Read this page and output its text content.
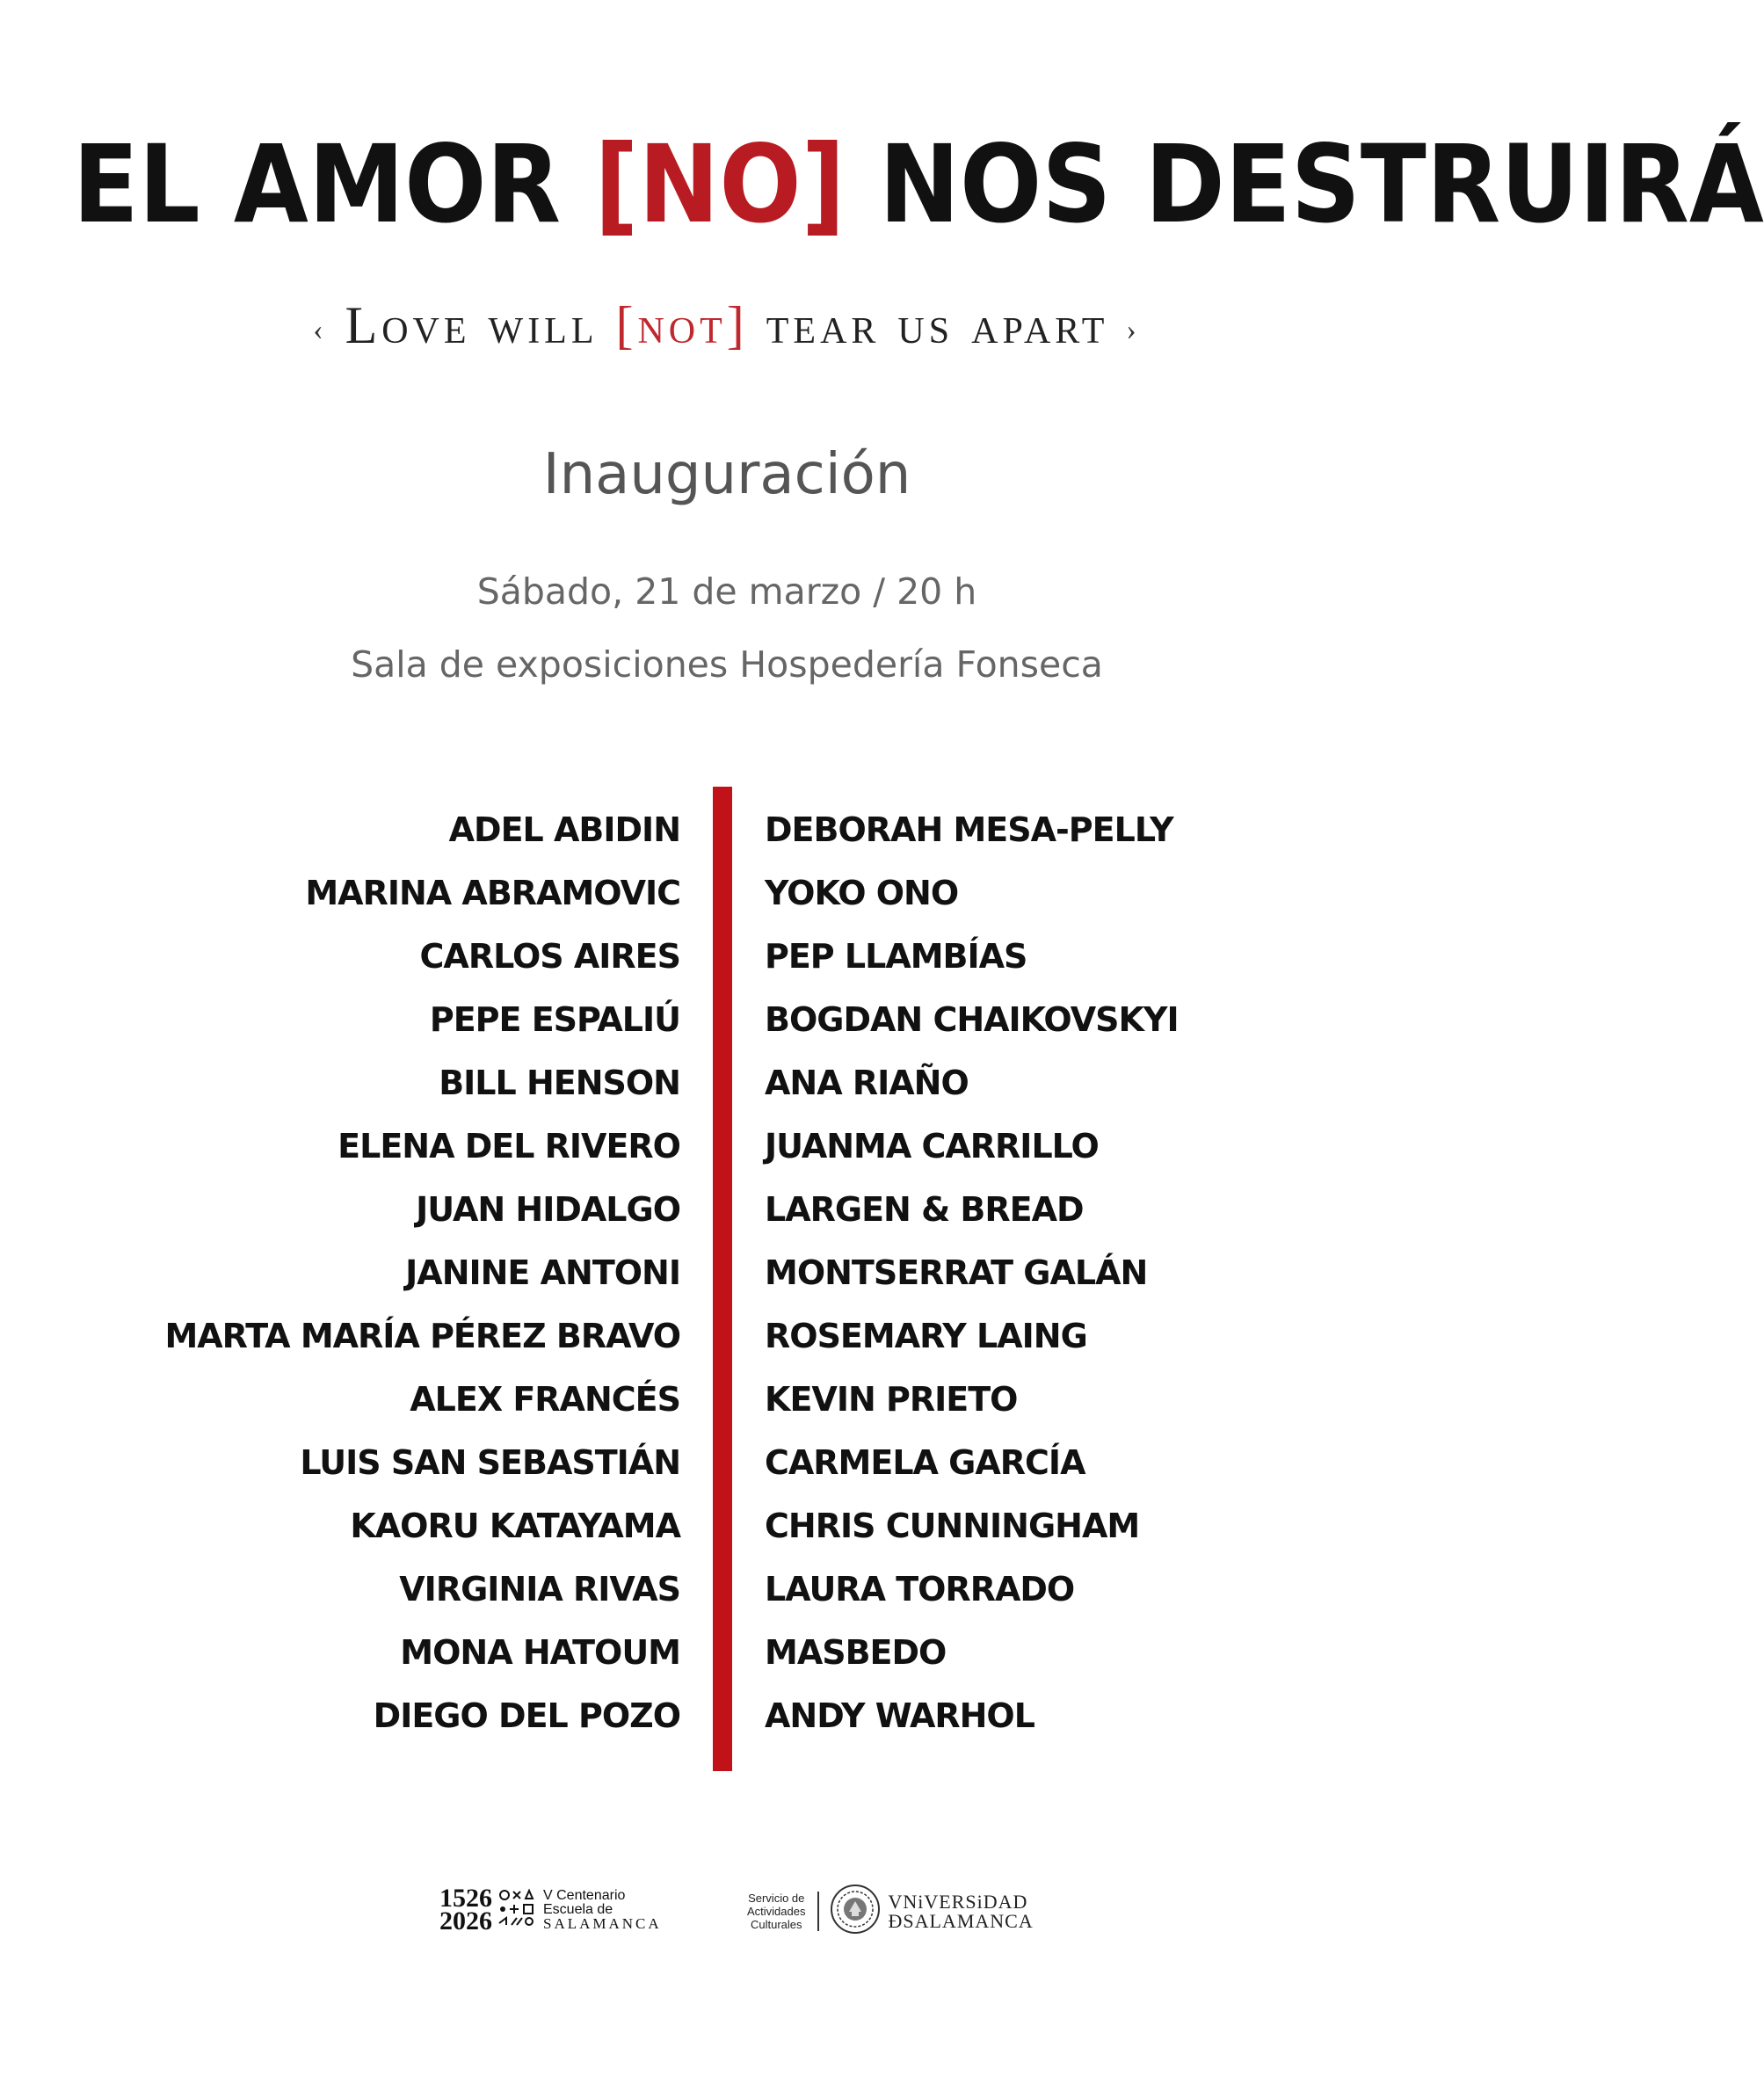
EL AMOR [NO] NOS DESTRUIRÁ
‹ Love will [not] tear us apart ›
Inauguración
Sábado, 21 de marzo / 20 h
Sala de exposiciones Hospedería Fonseca
ADEL ABIDIN
MARINA ABRAMOVIC
CARLOS AIRES
PEPE ESPALIÚ
BILL HENSON
ELENA DEL RIVERO
JUAN HIDALGO
JANINE ANTONI
MARTA MARÍA PÉREZ BRAVO
ALEX FRANCÉS
LUIS SAN SEBASTIÁN
KAORU KATAYAMA
VIRGINIA RIVAS
MONA HATOUM
DIEGO DEL POZO
DEBORAH MESA-PELLY
YOKO ONO
PEP LLAMBÍAS
BOGDAN CHAIKOVSKYI
ANA RIAÑO
JUANMA CARRILLO
LARGEN & BREAD
MONTSERRAT GALÁN
ROSEMARY LAING
KEVIN PRIETO
CARMELA GARCÍA
CHRIS CUNNINGHAM
LAURA TORRADO
MASBEDO
ANDY WARHOL
1526
2026
V Centenario
Escuela de
SALAMANCA
Servicio de
Actividades
Culturales
VNiVERSiDAD
ÐSALAMANCA
